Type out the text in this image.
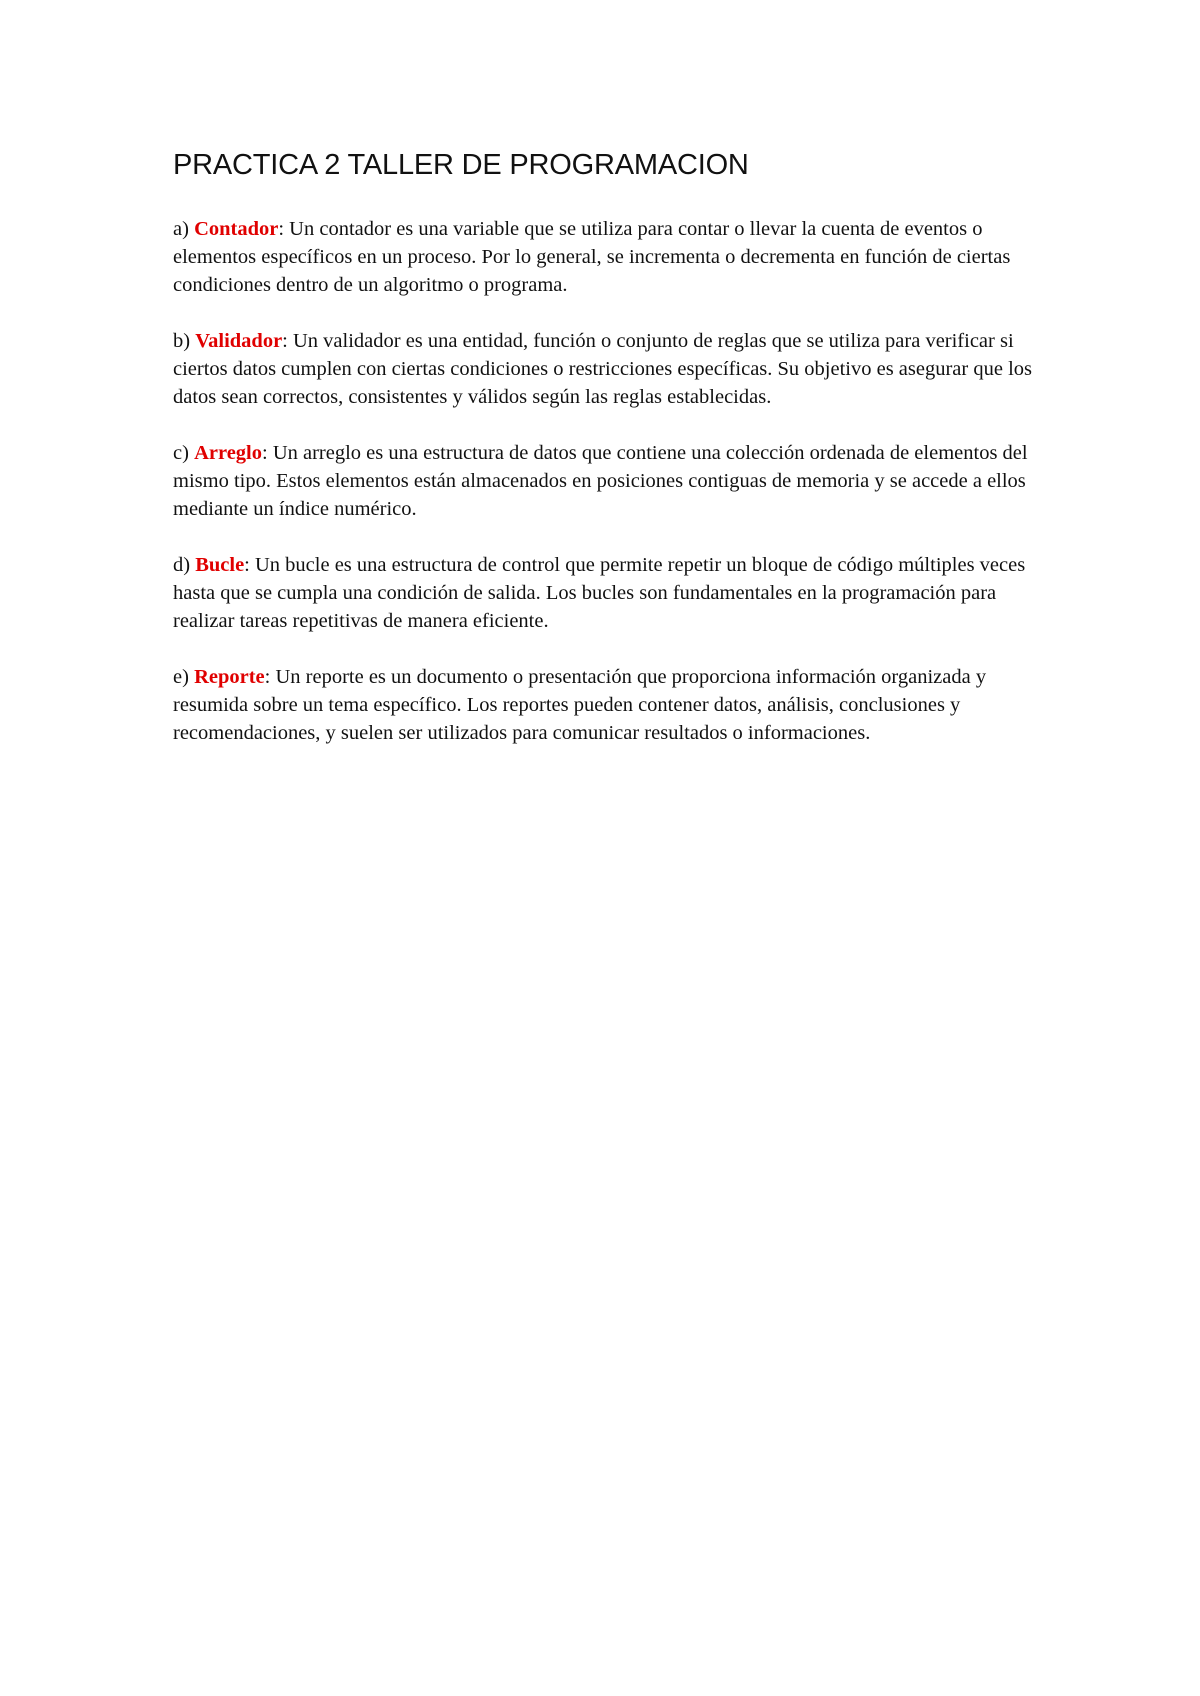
PRACTICA 2 TALLER DE PROGRAMACION

a) Contador: Un contador es una variable que se utiliza para contar o llevar la cuenta de eventos o elementos específicos en un proceso. Por lo general, se incrementa o decrementa en función de ciertas condiciones dentro de un algoritmo o programa.

b) Validador: Un validador es una entidad, función o conjunto de reglas que se utiliza para verificar si ciertos datos cumplen con ciertas condiciones o restricciones específicas. Su objetivo es asegurar que los datos sean correctos, consistentes y válidos según las reglas establecidas.

c) Arreglo: Un arreglo es una estructura de datos que contiene una colección ordenada de elementos del mismo tipo. Estos elementos están almacenados en posiciones contiguas de memoria y se accede a ellos mediante un índice numérico.

d) Bucle: Un bucle es una estructura de control que permite repetir un bloque de código múltiples veces hasta que se cumpla una condición de salida. Los bucles son fundamentales en la programación para realizar tareas repetitivas de manera eficiente.

e) Reporte: Un reporte es un documento o presentación que proporciona información organizada y resumida sobre un tema específico. Los reportes pueden contener datos, análisis, conclusiones y recomendaciones, y suelen ser utilizados para comunicar resultados o informaciones.
